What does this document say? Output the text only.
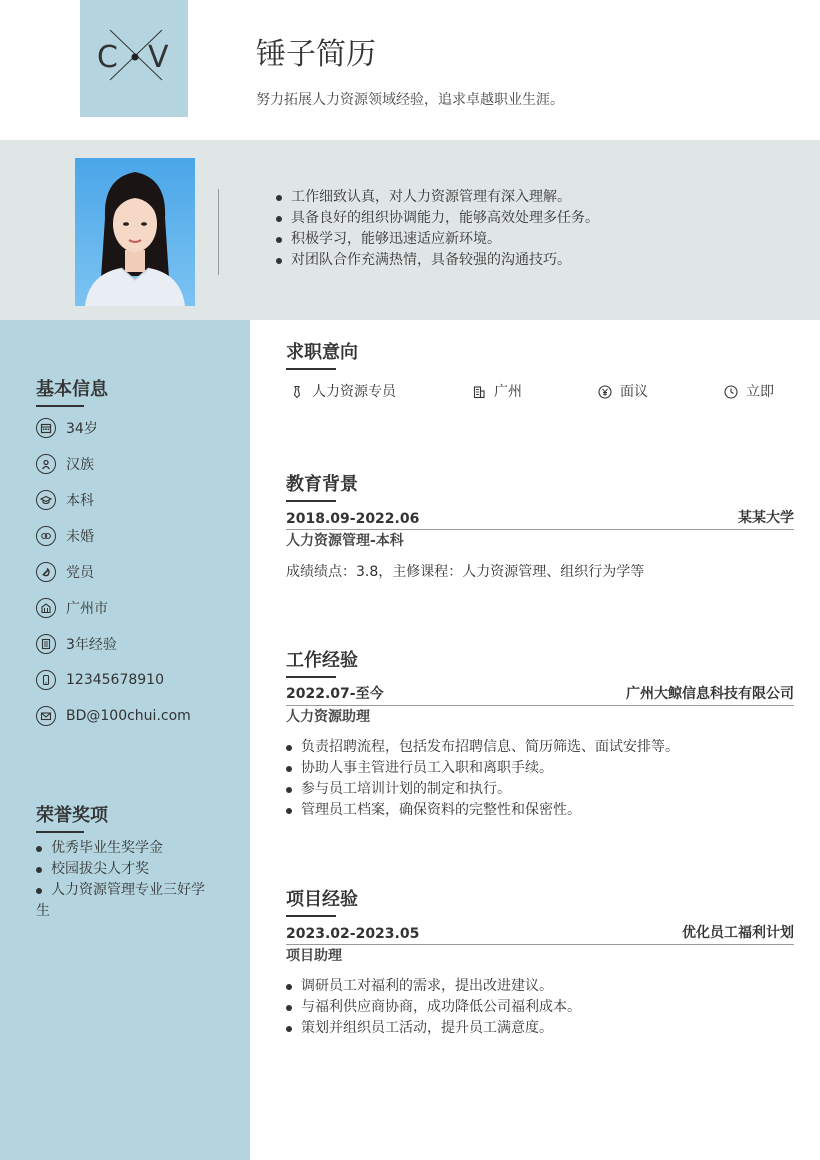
C V	锤子简历
努力拓展人力资源领域经验，追求卓越职业生涯。
工作细致认真，对人力资源管理有深入理解。
具备良好的组织协调能力，能够高效处理多任务。
积极学习，能够迅速适应新环境。
对团队合作充满热情，具备较强的沟通技巧。
基本信息
34岁
汉族
本科
未婚
党员
广州市
3年经验
12345678910
BD@100chui.com
荣誉奖项
优秀毕业生奖学金
校园拔尖人才奖
人力资源管理专业三好学生
求职意向
人力资源专员	广州	面议	立即
教育背景
2018.09-2022.06	某某大学
人力资源管理-本科
成绩绩点：3.8，主修课程：人力资源管理、组织行为学等
工作经验
2022.07-至今	广州大鲸信息科技有限公司
人力资源助理
负责招聘流程，包括发布招聘信息、简历筛选、面试安排等。
协助人事主管进行员工入职和离职手续。
参与员工培训计划的制定和执行。
管理员工档案，确保资料的完整性和保密性。
项目经验
2023.02-2023.05	优化员工福利计划
项目助理
调研员工对福利的需求，提出改进建议。
与福利供应商协商，成功降低公司福利成本。
策划并组织员工活动，提升员工满意度。
